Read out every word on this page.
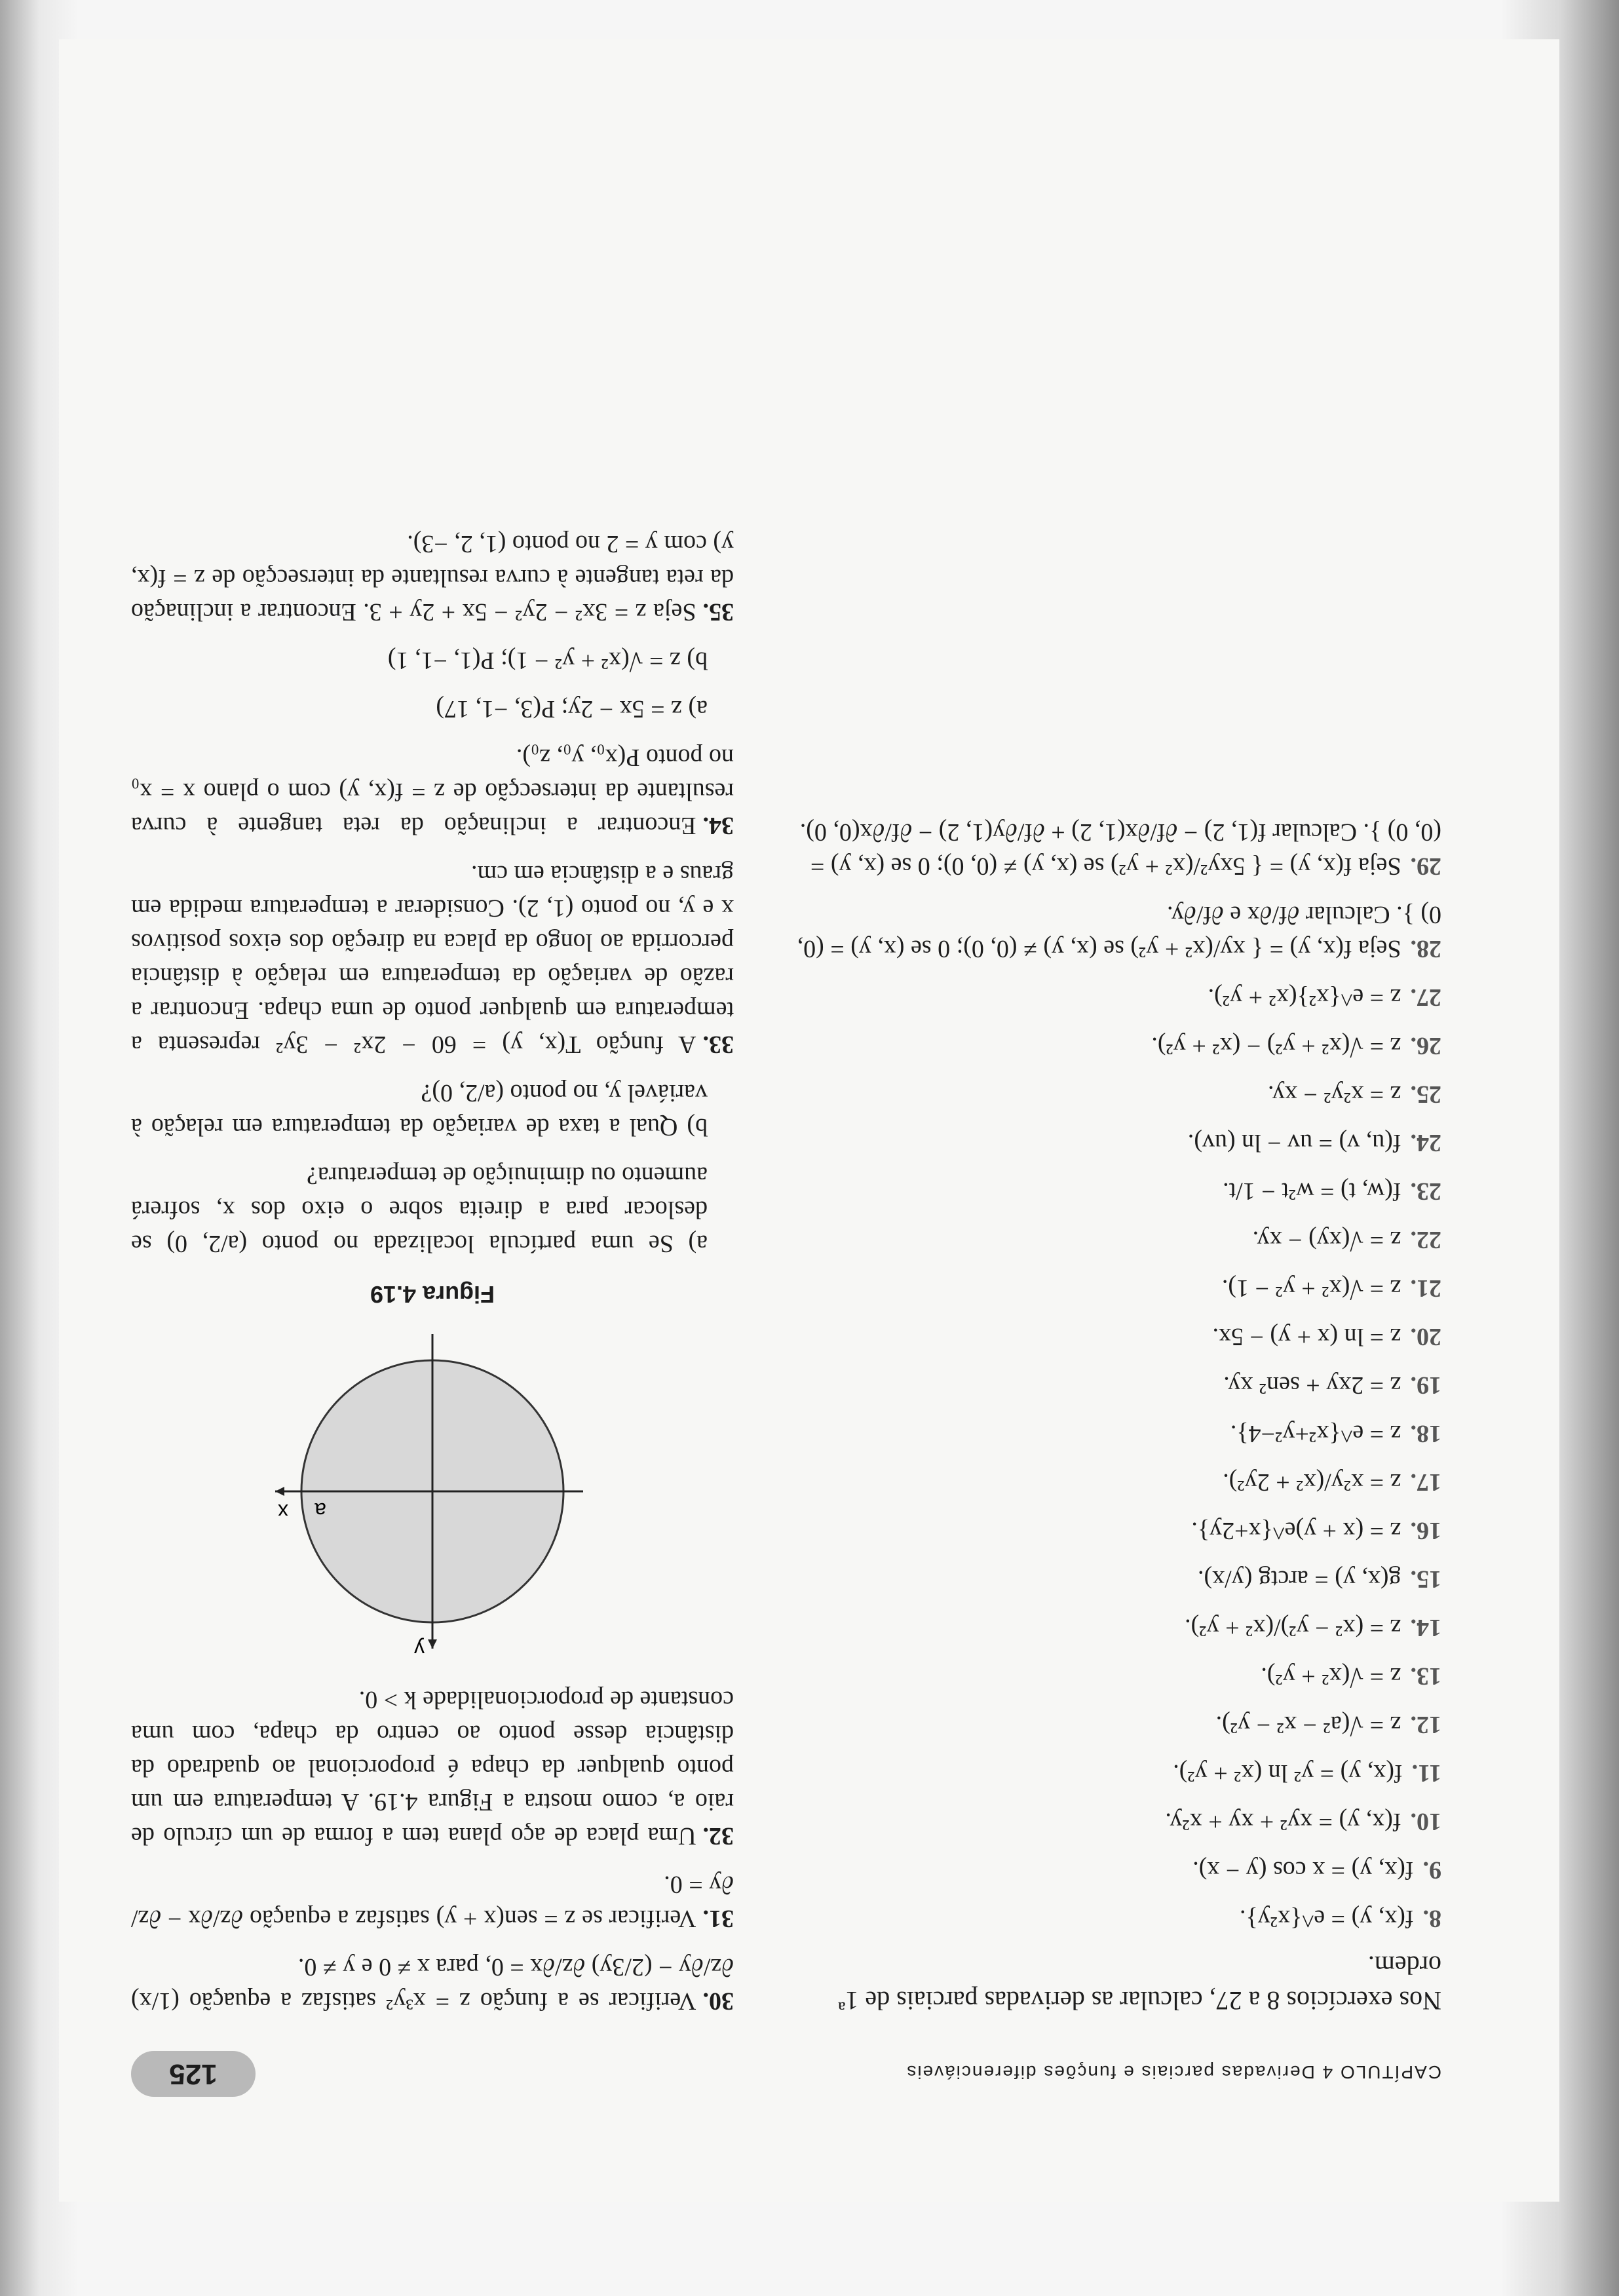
CAPÍTULO 4 Derivadas parciais e funções diferenciáveis
125

Nos exercícios 8 a 27, calcular as derivadas parciais de 1ª ordem.

8.f(x, y) = e^{x²y}.

9.f(x, y) = x cos (y − x).

10.f(x, y) = xy² + xy + x²y.

11.f(x, y) = y² ln (x² + y²).

12.z = √(a² − x² − y²).

13.z = √(x² + y²).

14.z = (x² − y²)/(x² + y²).

15.g(x, y) = arctg (y/x).

16.z = (x + y)e^{x+2y}.

17.z = x²y/(x² + 2y²).

18.z = e^{x²+y²−4}.

19.z = 2xy + sen² xy.

20.z = ln (x + y) − 5x.

21.z = √(x² + y² − 1).

22.z = √(xy) − xy.

23.f(w, t) = w²t − 1/t.

24.f(u, v) = uv − ln (uv).

25.z = x²y² − xy.

26.z = √(x² + y²) − (x² + y²).

27.z = e^{x²}(x² + y²).

28.Seja f(x, y) = { xy/(x² + y²) se (x, y) ≠ (0, 0); 0 se (x, y) = (0, 0) }. Calcular ∂f/∂x e ∂f/∂y.

29.Seja f(x, y) = { 5xy²/(x² + y²) se (x, y) ≠ (0, 0); 0 se (x, y) = (0, 0) }. Calcular f(1, 2) − ∂f/∂x(1, 2) + ∂f/∂y(1, 2) − ∂f/∂x(0, 0).

30.Verificar se a função z = x³y² satisfaz a equação (1/x) ∂z/∂y − (2/3y) ∂z/∂x = 0, para x ≠ 0 e y ≠ 0.

31.Verificar se z = sen(x + y) satisfaz a equação ∂z/∂x − ∂z/∂y = 0.

32.Uma placa de aço plana tem a forma de um círculo de raio a, como mostra a Figura 4.19. A temperatura em um ponto qualquer da chapa é proporcional ao quadrado da distância desse ponto ao centro da chapa, com uma constante de proporcionalidade k > 0.

x
y
a
Figura 4.19

a) Se uma partícula localizada no ponto (a/2, 0) se deslocar para a direita sobre o eixo dos x, sofrerá aumento ou diminuição de temperatura?

b) Qual a taxa de variação da temperatura em relação à variável y, no ponto (a/2, 0)?

33.A função T(x, y) = 60 − 2x² − 3y² representa a temperatura em qualquer ponto de uma chapa. Encontrar a razão de variação da temperatura em relação à distância percorrida ao longo da placa na direção dos eixos positivos x e y, no ponto (1, 2). Considerar a temperatura medida em graus e a distância em cm.

34.Encontrar a inclinação da reta tangente à curva resultante da intersecção de z = f(x, y) com o plano x = x₀ no ponto P(x₀, y₀, z₀).

a) z = 5x − 2y; P(3, −1, 17)

b) z = √(x² + y² − 1); P(1, −1, 1)

35.Seja z = 3x² − 2y² − 5x + 2y + 3. Encontrar a inclinação da reta tangente à curva resultante da intersecção de z = f(x, y) com y = 2 no ponto (1, 2, −3).
